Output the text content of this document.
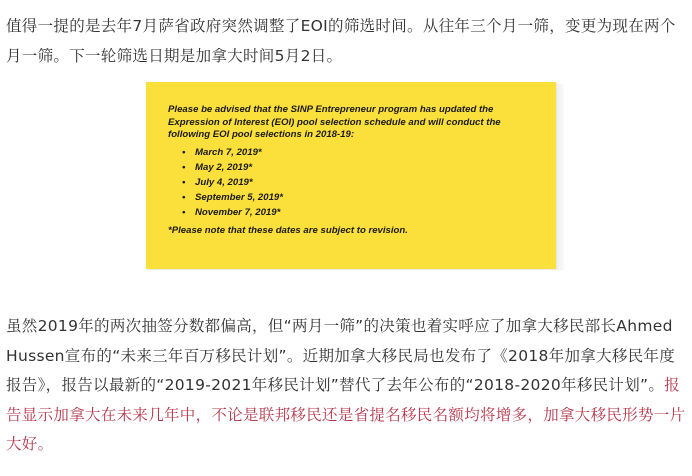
值得一提的是去年7月萨省政府突然调整了EOI的筛选时间。从往年三个月一筛，变更为现在两个月一筛。下一轮筛选日期是加拿大时间5月2日。

Please be advised that the SINP Entrepreneur program has updated the Expression of Interest (EOI) pool selection schedule and will conduct the following EOI pool selections in 2018-19:
• March 7, 2019*
• May 2, 2019*
• July 4, 2019*
• September 5, 2019*
• November 7, 2019*
*Please note that these dates are subject to revision.

虽然2019年的两次抽签分数都偏高，但“两月一筛”的决策也着实呼应了加拿大移民部长Ahmed Hussen宣布的“未来三年百万移民计划”。近期加拿大移民局也发布了《2018年加拿大移民年度报告》，报告以最新的“2019-2021年移民计划”替代了去年公布的“2018-2020年移民计划”。报告显示加拿大在未来几年中，不论是联邦移民还是省提名移民名额均将增多，加拿大移民形势一片大好。
